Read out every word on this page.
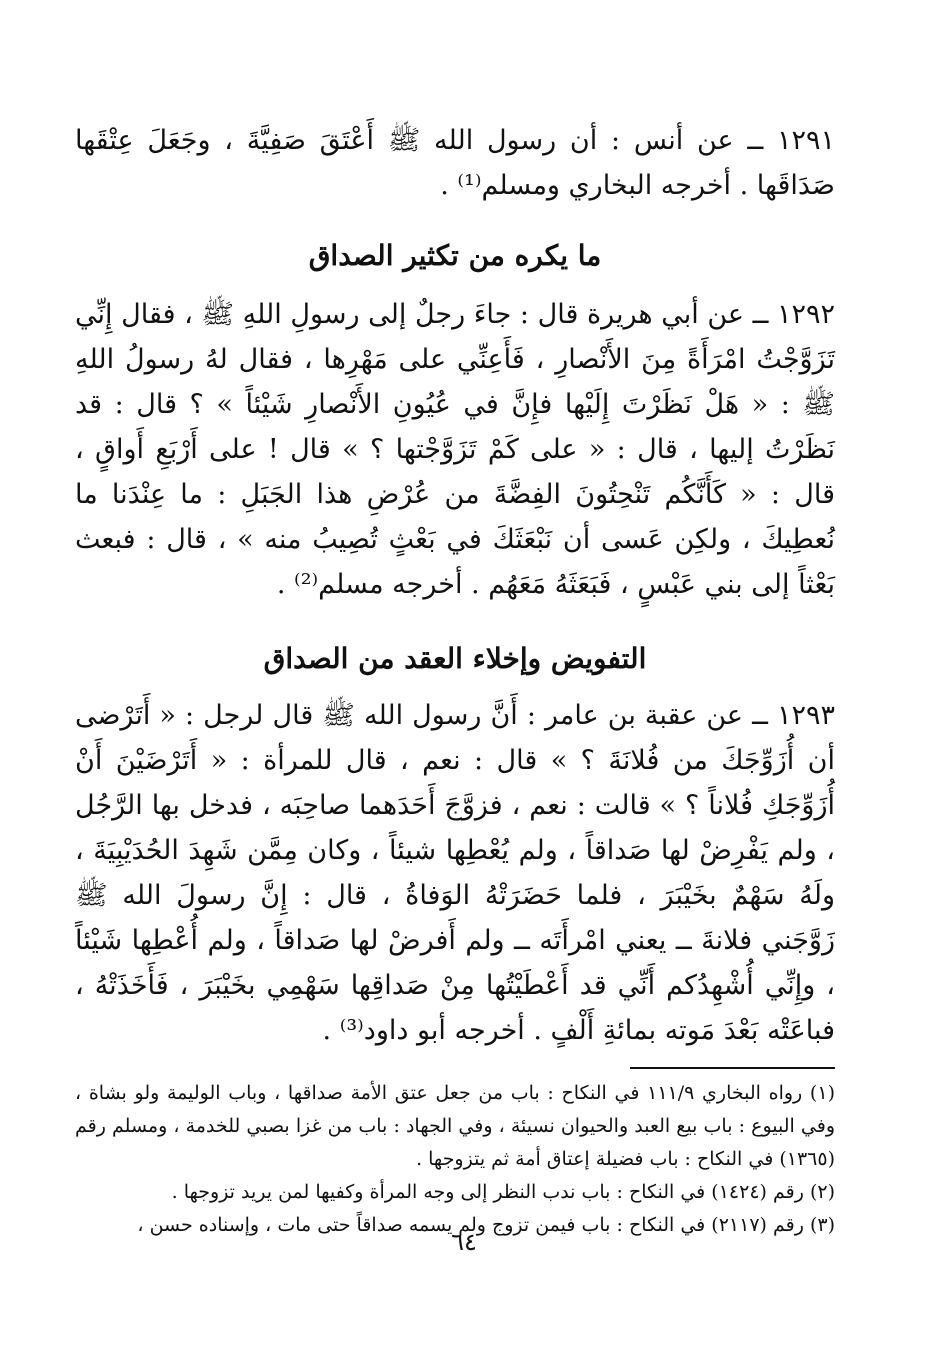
١٢٩١ ــ عن أنس : أن رسول الله ﷺ أَعْتَقَ صَفِيَّةَ ، وجَعَلَ عِتْقَها صَدَاقَها . أخرجه البخاري ومسلم⁽¹⁾ .

ما يكره من تكثير الصداق

١٢٩٢ ــ عن أبي هريرة قال : جاءَ رجلٌ إلى رسولِ اللهِ ﷺ ، فقال إِنِّي تَزَوَّجْتُ امْرَأَةً مِنَ الأَنْصارِ ، فَأَعِنِّي على مَهْرِها ، فقال لهُ رسولُ اللهِ ﷺ : « هَلْ نَظَرْتَ إِلَيْها فإِنَّ في عُيُونِ الأَنْصارِ شَيْئاً » ؟ قال : قد نَظَرْتُ إليها ، قال : « على كَمْ تَزَوَّجْتها ؟ » قال ! على أَرْبَعِ أَواقٍ ، قال : « كَأَنَّكُم تَنْحِتُونَ الفِضَّةَ من عُرْضِ هذا الجَبَلِ : ما عِنْدَنا ما نُعطِيكَ ، ولكِن عَسى أن نَبْعَثَكَ في بَعْثٍ تُصِيبُ منه » ، قال : فبعث بَعْثاً إلى بني عَبْسٍ ، فَبَعَثَهُ مَعَهُم . أخرجه مسلم⁽²⁾ .

التفويض وإخلاء العقد من الصداق

١٢٩٣ ــ عن عقبة بن عامر : أَنَّ رسول الله ﷺ قال لرجل : « أَتَرْضى أن أُزَوِّجَكَ من فُلانَةَ ؟ » قال : نعم ، قال للمرأة : « أَتَرْضَيْنَ أَنْ أُزَوِّجَكِ فُلاناً ؟ » قالت : نعم ، فزوَّجَ أَحَدَهما صاحِبَه ، فدخل بها الرَّجُل ، ولم يَفْرِضْ لها صَداقاً ، ولم يُعْطِها شيئاً ، وكان مِمَّن شَهِدَ الحُدَيْبِيَةَ ، ولَهُ سَهْمٌ بخَيْبَرَ ، فلما حَضَرَتْهُ الوَفاةُ ، قال : إِنَّ رسولَ الله ﷺ زَوَّجَني فلانةَ ــ يعني امْرأَتَه ــ ولم أَفرضْ لها صَداقاً ، ولم أُعْطِها شَيْئاً ، وإِنِّي أُشْهِدُكم أَنِّي قد أَعْطَيْتُها مِنْ صَداقِها سَهْمِي بخَيْبَرَ ، فَأَخَذَتْهُ ، فباعَتْه بَعْدَ مَوته بمائةِ أَلْفٍ . أخرجه أبو داود⁽³⁾ .

(١) رواه البخاري ١١١/٩ في النكاح : باب من جعل عتق الأمة صداقها ، وباب الوليمة ولو بشاة ، وفي البيوع : باب بيع العبد والحيوان نسيئة ، وفي الجهاد : باب من غزا بصبي للخدمة ، ومسلم رقم (١٣٦٥) في النكاح : باب فضيلة إعتاق أمة ثم يتزوجها .

(٢) رقم (١٤٢٤) في النكاح : باب ندب النظر إلى وجه المرأة وكفيها لمن يريد تزوجها .

(٣) رقم (٢١١٧) في النكاح : باب فيمن تزوج ولم يسمه صداقاً حتى مات ، وإسناده حسن ،

٦٤
